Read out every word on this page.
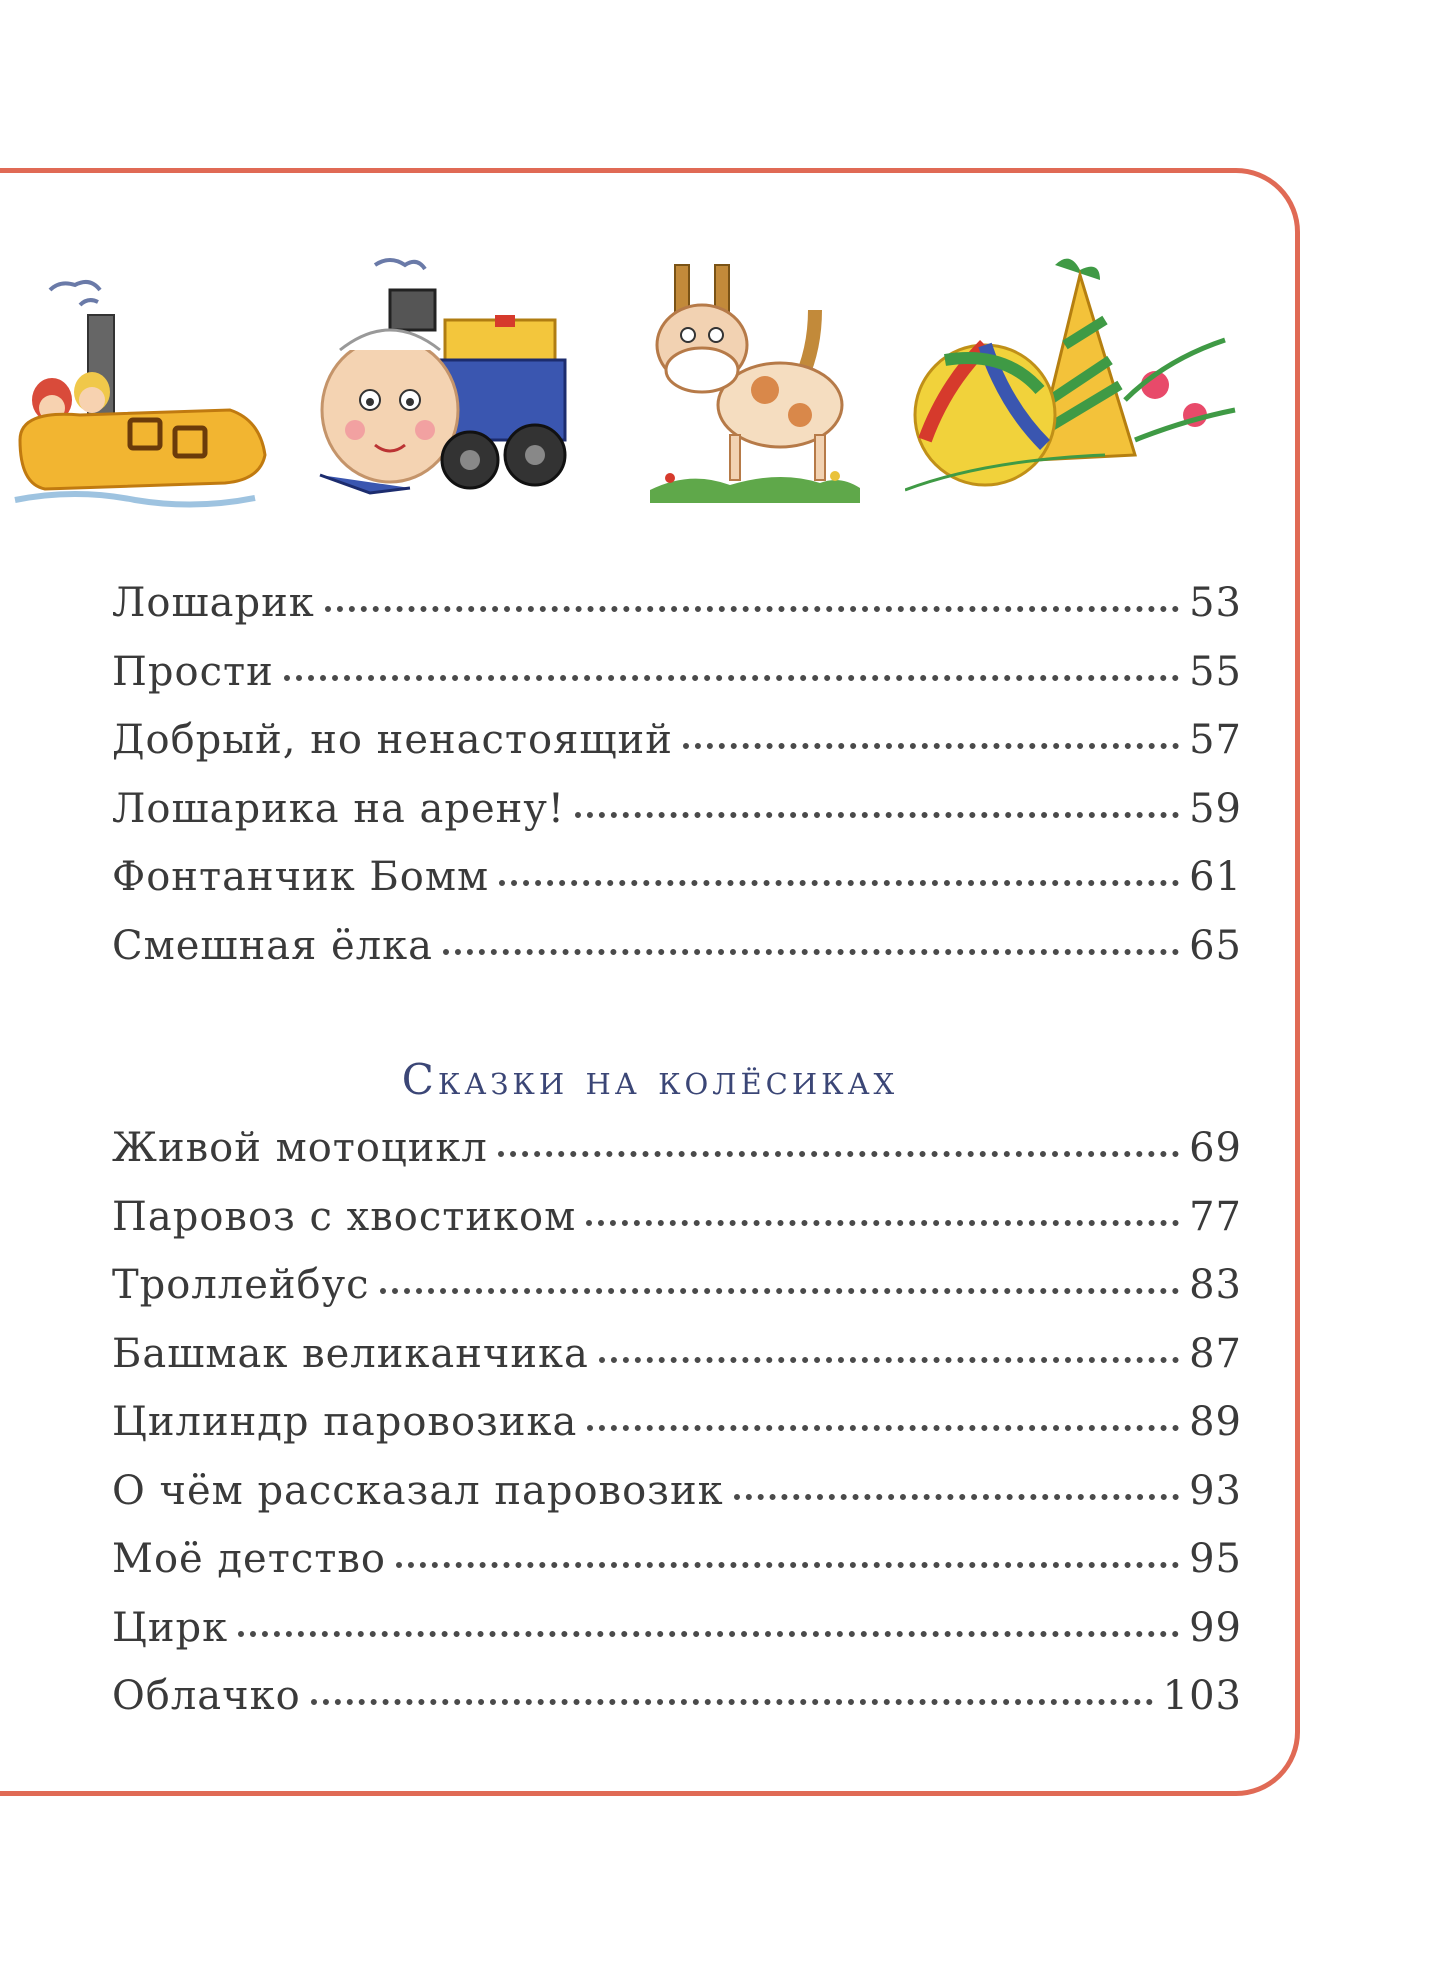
Лошарик	53
Прости	55
Добрый, но ненастоящий	57
Лошарика на арену!	59
Фонтанчик Бомм	61
Смешная ёлка	65
Сказки на колёсиках
Живой мотоцикл	69
Паровоз с хвостиком	77
Троллейбус	83
Башмак великанчика	87
Цилиндр паровозика	89
О чём рассказал паровозик	93
Моё детство	95
Цирк	99
Облачко	103
